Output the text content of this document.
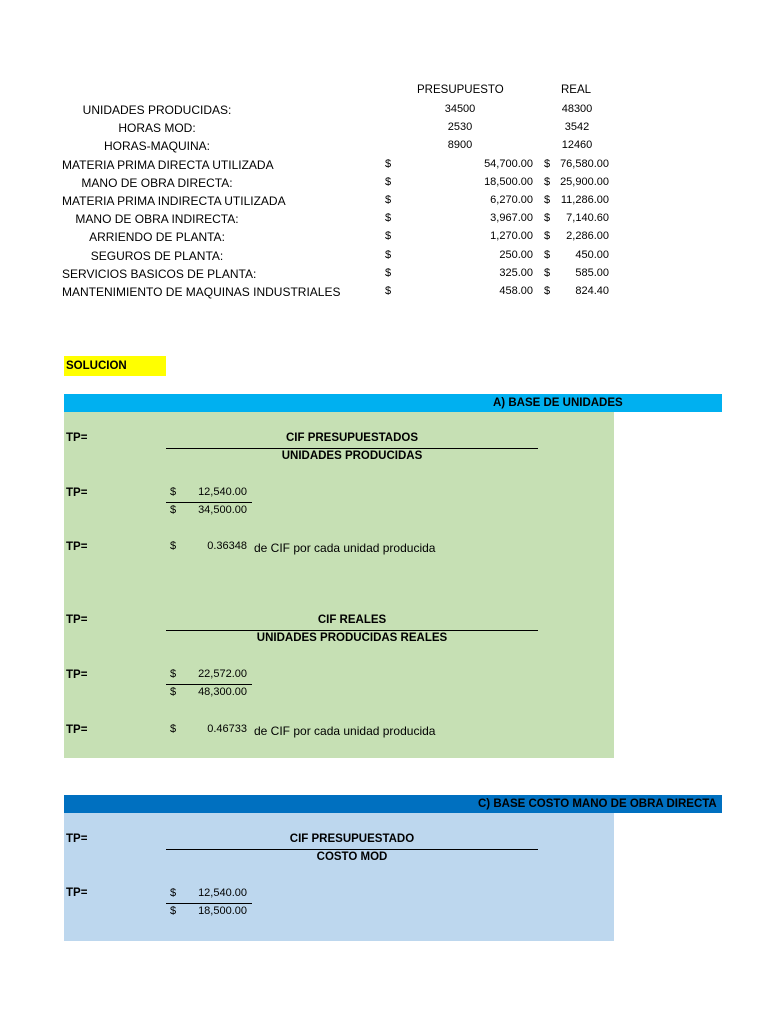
PRESUPUESTO	REAL
UNIDADES PRODUCIDAS:	34500	48300
HORAS MOD:	2530	3542
HORAS-MAQUINA:	8900	12460
MATERIA PRIMA DIRECTA UTILIZADA	$	54,700.00 $ 76,580.00
MANO DE OBRA DIRECTA:	$	18,500.00 $ 25,900.00
MATERIA PRIMA INDIRECTA UTILIZADA	$	6,270.00 $ 11,286.00
MANO DE OBRA INDIRECTA:	$	3,967.00 $	7,140.60
ARRIENDO DE PLANTA:	$	1,270.00 $	2,286.00
SEGUROS DE PLANTA:	$	250.00 $	450.00
SERVICIOS BASICOS DE PLANTA:	$	325.00 $	585.00
MANTENIMIENTO DE MAQUINAS INDUSTRIALES	$	458.00 $	824.40
SOLUCION
A) BASE DE UNIDADES
TP=	CIF PRESUPUESTADOS
UNIDADES PRODUCIDAS
TP=	$	12,540.00
$	34,500.00
TP=	$	0.36348 de CIF por cada unidad producida
TP=	CIF REALES
UNIDADES PRODUCIDAS REALES
TP=	$	22,572.00
$	48,300.00
TP=	$	0.46733 de CIF por cada unidad producida
C) BASE COSTO MANO DE OBRA DIRECTA
TP=	CIF PRESUPUESTADO
COSTO MOD
TP=	$	12,540.00
$	18,500.00
